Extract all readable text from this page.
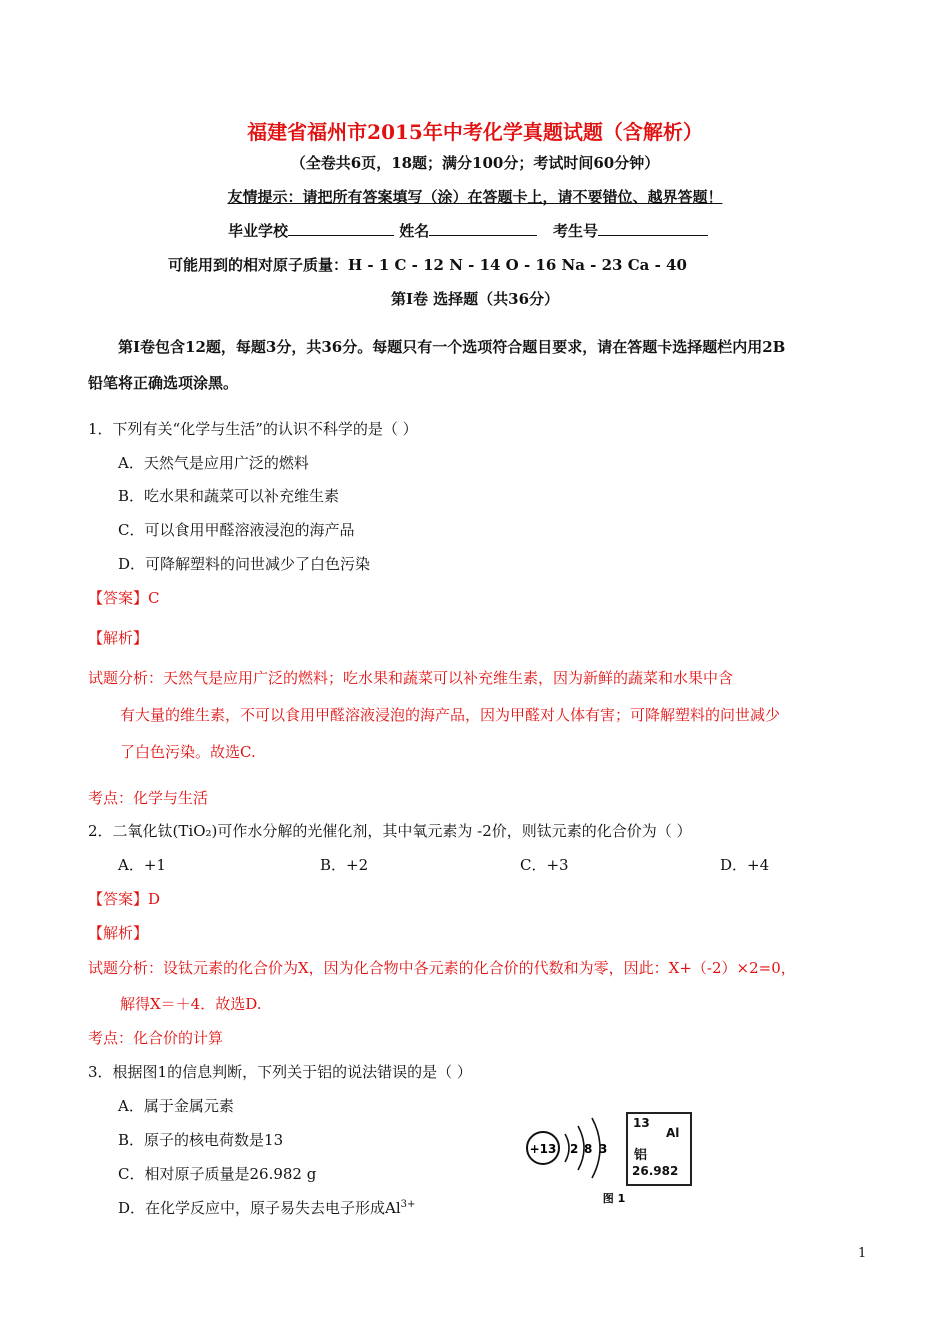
福建省福州市2015年中考化学真题试题（含解析）
（全卷共6页，18题；满分100分；考试时间60分钟）
友情提示：请把所有答案填写（涂）在答题卡上，请不要错位、越界答题！
毕业学校	姓名	考生号
可能用到的相对原子质量：H - 1 C - 12 N - 14 O - 16 Na - 23 Ca - 40
第Ⅰ卷 选择题（共36分）
第Ⅰ卷包含12题，每题3分，共36分。每题只有一个选项符合题目要求，请在答题卡选择题栏内用2B
铅笔将正确选项涂黑。
1．下列有关“化学与生活”的认识不科学的是（ ）
A．天然气是应用广泛的燃料
B．吃水果和蔬菜可以补充维生素
C．可以食用甲醛溶液浸泡的海产品
D．可降解塑料的问世减少了白色污染
【答案】C
【解析】
试题分析：天然气是应用广泛的燃料；吃水果和蔬菜可以补充维生素，因为新鲜的蔬菜和水果中含
有大量的维生素，不可以食用甲醛溶液浸泡的海产品，因为甲醛对人体有害；可降解塑料的问世减少
了白色污染。故选C.
考点：化学与生活
2．二氧化钛(TiO₂)可作水分解的光催化剂，其中氧元素为 -2价，则钛元素的化合价为（ ）
A．+1	B．+2	C．+3	D．+4
【答案】D
【解析】
试题分析：设钛元素的化合价为X，因为化合物中各元素的化合价的代数和为零，因此：X+（-2）×2=0，
解得X＝＋4．故选D.
考点：化合价的计算
3．根据图1的信息判断，下列关于铝的说法错误的是（ ）
A．属于金属元素
B．原子的核电荷数是13
C．相对原子质量是26.982 g
D．在化学反应中，原子易失去电子形成$Al^{3+}$
+13 2 8 3
图 1
13
Al
铝
26.982
1
